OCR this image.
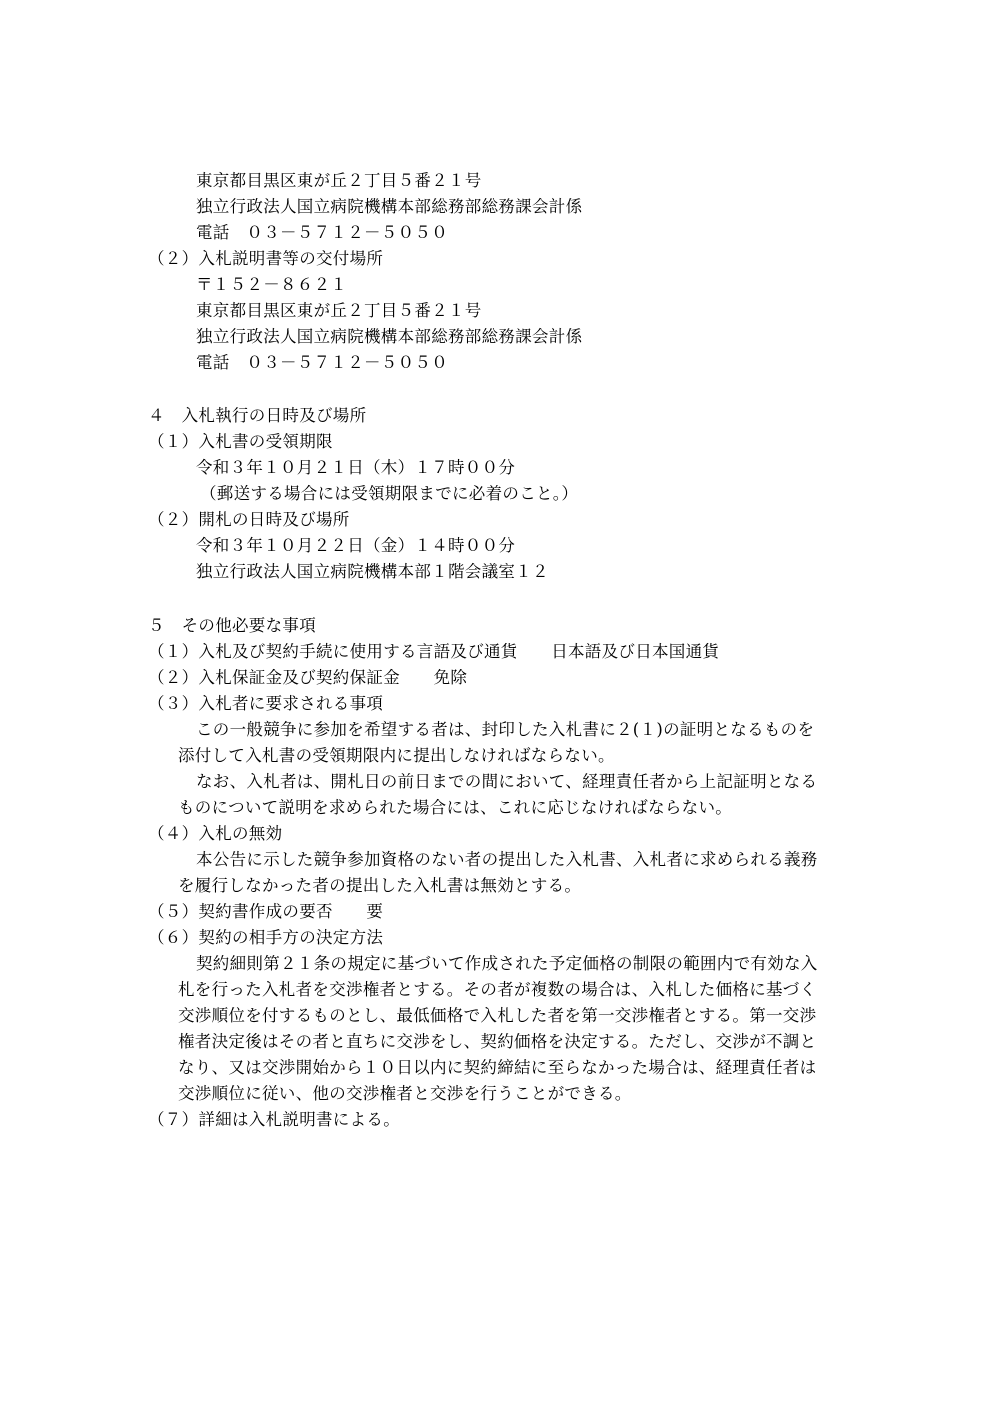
東京都目黒区東が丘２丁目５番２１号
独立行政法人国立病院機構本部総務部総務課会計係
電話　０３－５７１２－５０５０
（２）入札説明書等の交付場所
〒１５２－８６２１
東京都目黒区東が丘２丁目５番２１号
独立行政法人国立病院機構本部総務部総務課会計係
電話　０３－５７１２－５０５０
４　入札執行の日時及び場所
（１）入札書の受領期限
令和３年１０月２１日（木）１７時００分
（郵送する場合には受領期限までに必着のこと。）
（２）開札の日時及び場所
令和３年１０月２２日（金）１４時００分
独立行政法人国立病院機構本部１階会議室１２
５　その他必要な事項
（１）入札及び契約手続に使用する言語及び通貨　　日本語及び日本国通貨
（２）入札保証金及び契約保証金　　免除
（３）入札者に要求される事項
この一般競争に参加を希望する者は、封印した入札書に２(１)の証明となるものを
添付して入札書の受領期限内に提出しなければならない。
なお、入札者は、開札日の前日までの間において、経理責任者から上記証明となる
ものについて説明を求められた場合には、これに応じなければならない。
（４）入札の無効
本公告に示した競争参加資格のない者の提出した入札書、入札者に求められる義務
を履行しなかった者の提出した入札書は無効とする。
（５）契約書作成の要否　　要
（６）契約の相手方の決定方法
契約細則第２１条の規定に基づいて作成された予定価格の制限の範囲内で有効な入
札を行った入札者を交渉権者とする。その者が複数の場合は、入札した価格に基づく
交渉順位を付するものとし、最低価格で入札した者を第一交渉権者とする。第一交渉
権者決定後はその者と直ちに交渉をし、契約価格を決定する。ただし、交渉が不調と
なり、又は交渉開始から１０日以内に契約締結に至らなかった場合は、経理責任者は
交渉順位に従い、他の交渉権者と交渉を行うことができる。
（７）詳細は入札説明書による。
